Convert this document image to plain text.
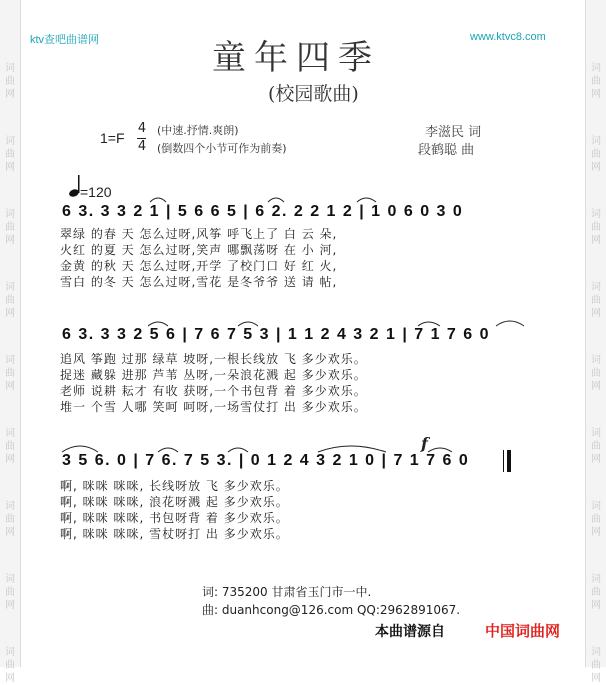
词
曲
网
词
曲
网
词
曲
网
词
曲
网
词
曲
网
词
曲
网
词
曲
网
词
曲
网
词
曲
网
词
曲
网
词
曲
网
词
曲
网
词
曲
网
词
曲
网
词
曲
网
词
曲
网
词
曲
网
词
曲
网
ktv查吧曲谱网	www.ktvc8.com
童年四季
(校园歌曲)
1=F
4
4
(中速.抒情.爽朗)
(倒数四个小节可作为前奏)
李滋民 词
段鹤聪 曲
=120
6 3. 3 3 2 1 | 5 6 6 5 | 6 2. 2 2 1 2 | 1 0 6 0 3 0
翠绿 的春 天 怎么过呀,风筝 呼飞上了 白 云 朵,
火红 的夏 天 怎么过呀,笑声 哪飘荡呀 在 小 河,
金黄 的秋 天 怎么过呀,开学 了校门口 好 红 火,
雪白 的冬 天 怎么过呀,雪花 是冬爷爷 送 请 帖,
6 3. 3 3 2 5 6 | 7 6 7 5 3 | 1 1 2 4 3 2 1 | 7 1 7 6 0
追风 筝跑 过那 绿草 坡呀,一根长线放 飞 多少欢乐。
捉迷 藏躲 进那 芦苇 丛呀,一朵浪花溅 起 多少欢乐。
老师 说耕 耘才 有收 获呀,一个书包背 着 多少欢乐。
堆一 个雪 人哪 笑呵 呵呀,一场雪仗打 出 多少欢乐。
f
3 5 6. 0 | 7 6. 7 5 3. | 0 1 2 4 3 2 1 0 | 7 1 7 6 0
啊, 咪咪 咪咪, 长线呀放 飞 多少欢乐。
啊, 咪咪 咪咪, 浪花呀溅 起 多少欢乐。
啊, 咪咪 咪咪, 书包呀背 着 多少欢乐。
啊, 咪咪 咪咪, 雪杖呀打 出 多少欢乐。
词: 735200 甘肃省玉门市一中.
曲: duanhcong@126.com QQ:2962891067.
本曲谱源自	中国词曲网
